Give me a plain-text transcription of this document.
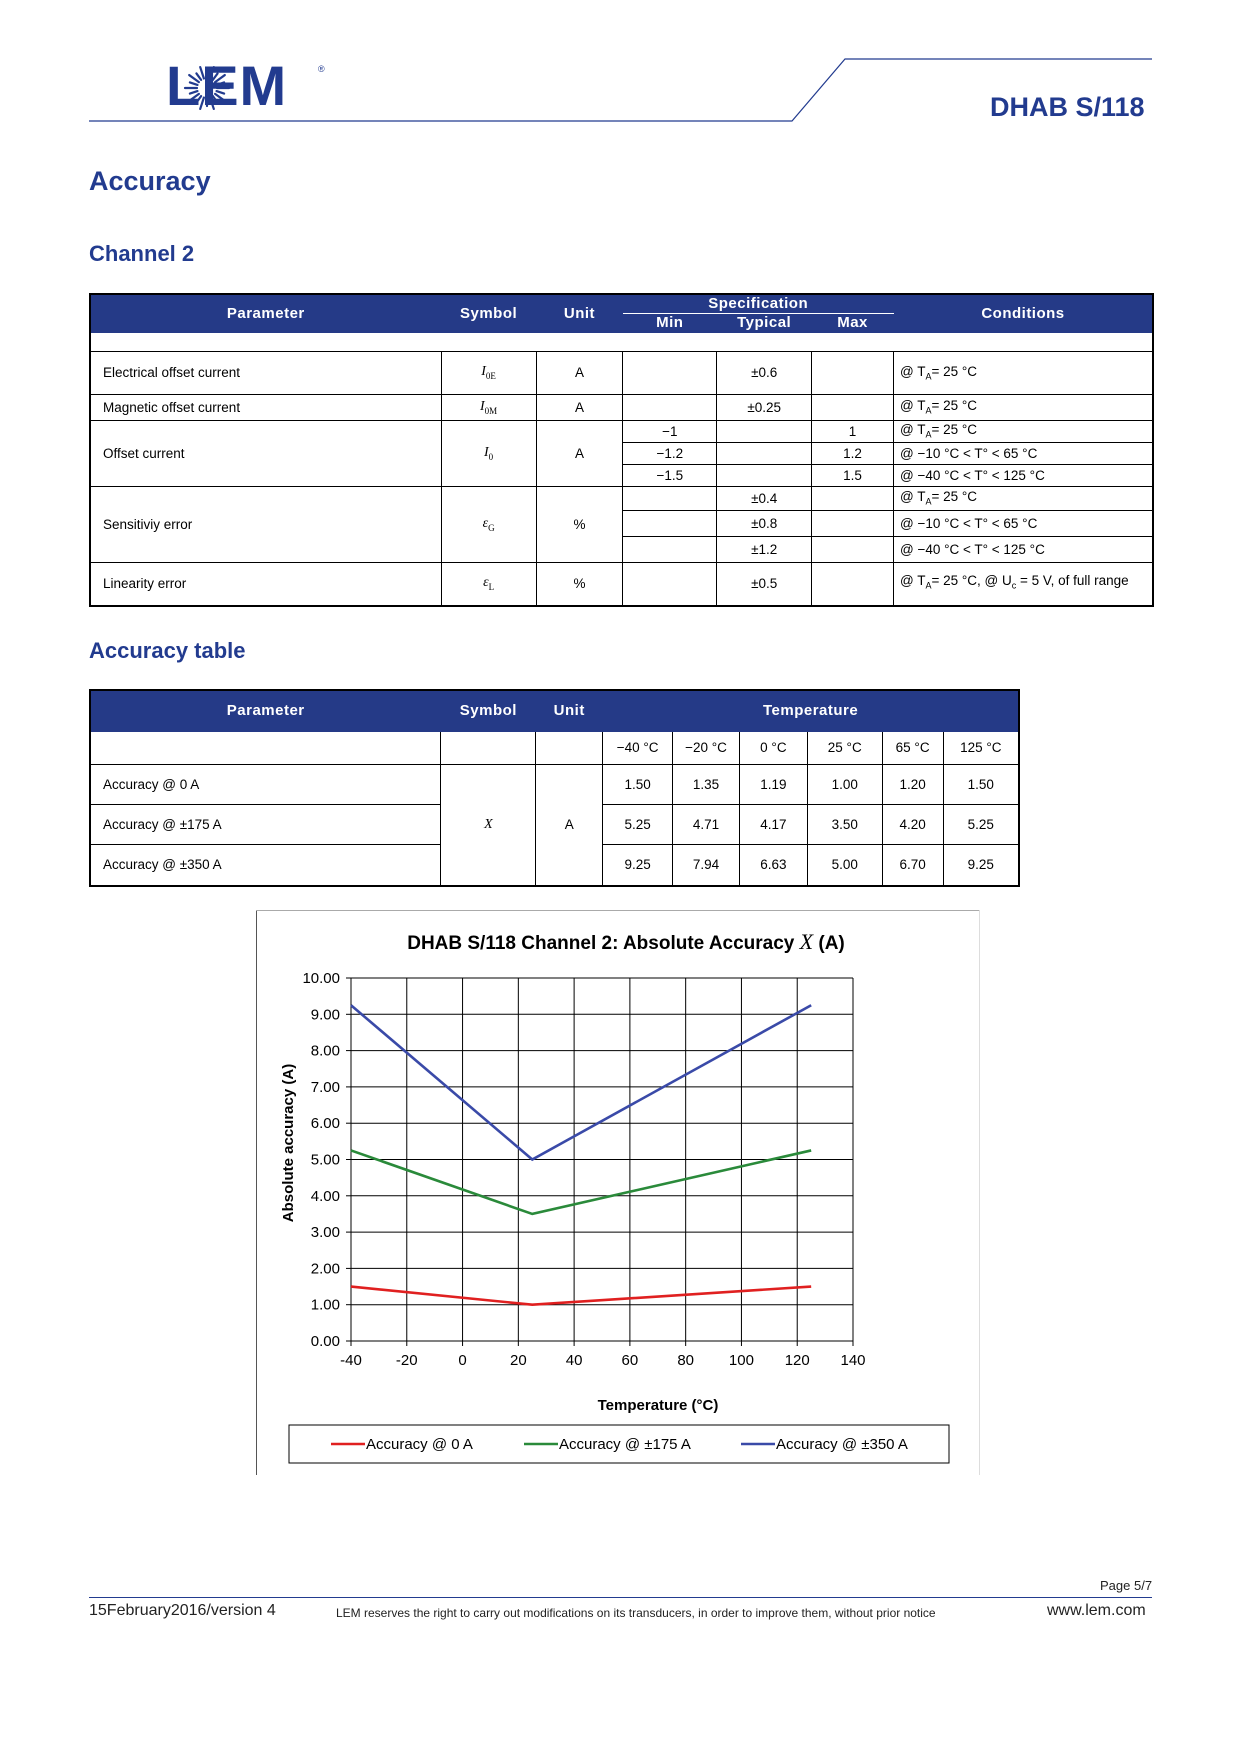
LEM	®
DHAB S/118
Accuracy
Channel 2
Parameter	Symbol	Unit	Specification			Conditions
			Min	Typical	Max	

Electrical offset current	$I_{0E}$	A		±0.6		@ $T_A= 25$ °C
Magnetic offset current	$I_{0M}$	A		±0.25		@ $T_A= 25$ °C
Offset current	$I_0$	A	−1		1	@ $T_A= 25$ °C
			−1.2		1.2	@ −10 °C < T° < 65 °C
			−1.5		1.5	@ −40 °C < T° < 125 °C
Sensitiviy error	$\varepsilon_G$	%		±0.4		@ $T_A= 25$ °C
				±0.8		@ −10 °C < T° < 65 °C
				±1.2		@ −40 °C < T° < 125 °C
Linearity error	$\varepsilon_L$	%		±0.5		@ $T_A= 25$ °C, @ $U_c = 5$ V, of full range
Accuracy table
Parameter	Symbol	Unit	Temperature					
			−40 °C	−20 °C	0 °C	25 °C	65 °C	125 °C
Accuracy @ 0 A	X	A	1.50	1.35	1.19	1.00	1.20	1.50
Accuracy @ ±175 A			5.25	4.71	4.17	3.50	4.20	5.25
Accuracy @ ±350 A			9.25	7.94	6.63	5.00	6.70	9.25
DHAB S/118 Channel 2: Absolute Accuracy X (A)
0.00
1.00
2.00
3.00
4.00
5.00
6.00
7.00
8.00
9.00
10.00
-40 -20	0	20	40	60	80 100 120 140
Absolute accuracy (A)
Temperature (°C)
Accuracy @ 0 A	Accuracy @ ±175 A	Accuracy @ ±350 A
Page 5/7
15February2016/version 4	LEM reserves the right to carry out modifications on its transducers, in order to improve them, without prior notice	www.lem.com
